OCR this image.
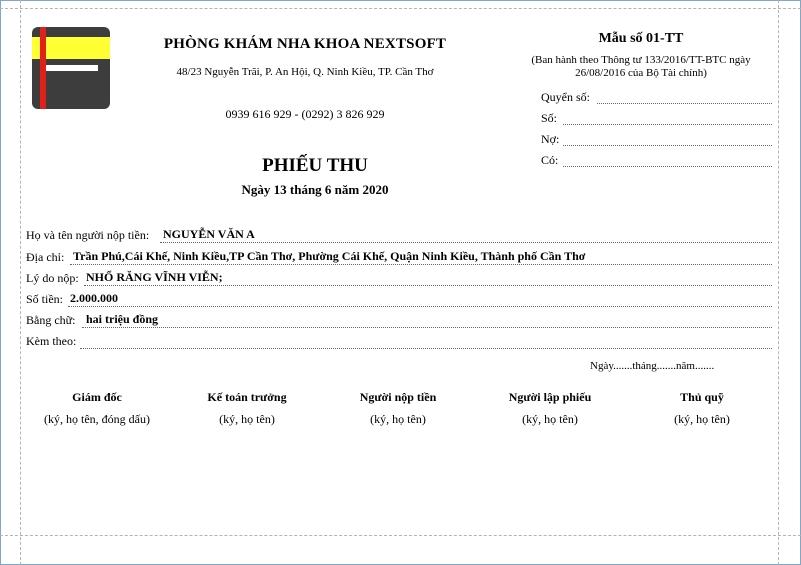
PHÒNG KHÁM NHA KHOA NEXTSOFT
48/23 Nguyễn Trãi, P. An Hội, Q. Ninh Kiều, TP. Cần Thơ
0939 616 929 - (0292) 3 826 929
Mẫu số 01-TT
(Ban hành theo Thông tư 133/2016/TT-BTC ngày 26/08/2016 của Bộ Tài chính)
Quyển số:
Số:
Nợ:
Có:
PHIẾU THU
Ngày 13 tháng 6 năm 2020
Họ và tên người nộp tiền: NGUYỄN VĂN A
Địa chỉ: Trần Phú,Cái Khế, Ninh Kiều,TP Cần Thơ, Phường Cái Khế, Quận Ninh Kiều, Thành phố Cần Thơ
Lý do nộp: NHỔ RĂNG VĨNH VIỄN;
Số tiền: 2.000.000
Bằng chữ: hai triệu đồng
Kèm theo:
Ngày.......tháng.......năm.......
Giám đốc
(ký, họ tên, đóng dấu)
Kế toán trưởng
(ký, họ tên)
Người nộp tiền
(ký, họ tên)
Người lập phiếu
(ký, họ tên)
Thủ quỹ
(ký, họ tên)
